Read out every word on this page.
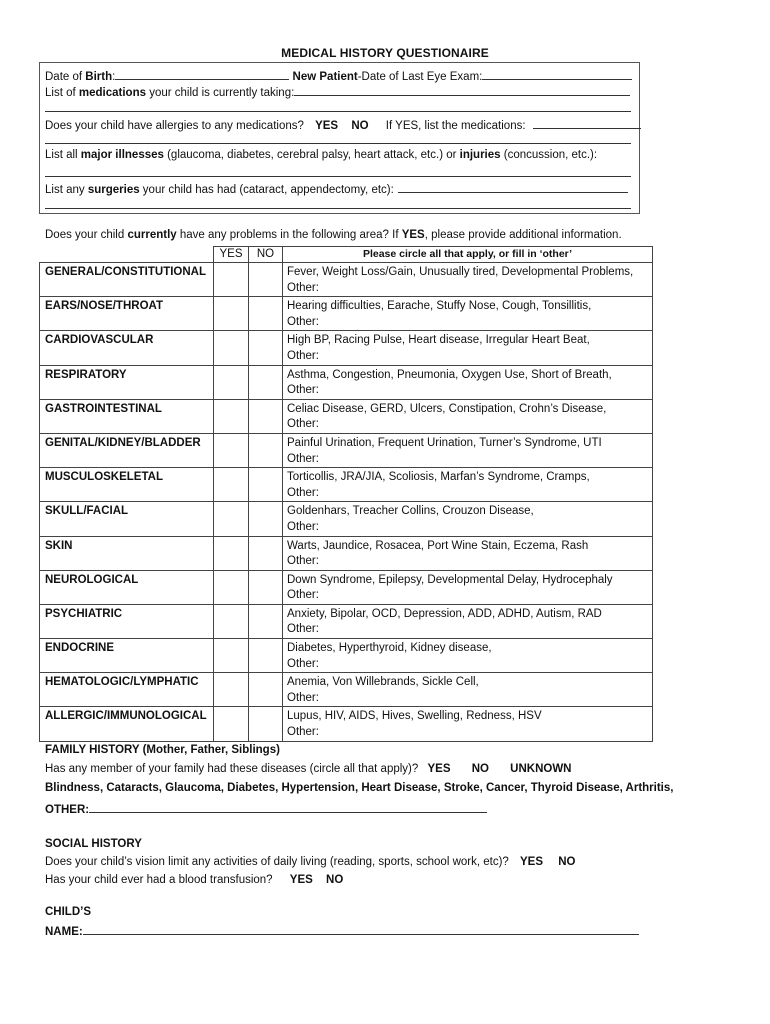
MEDICAL HISTORY QUESTIONAIRE
Date of Birth:	New Patient-Date of Last Eye Exam:
List of medications your child is currently taking:
Does your child have allergies to any medications? YES NO If YES, list the medications:
List all major illnesses (glaucoma, diabetes, cerebral palsy, heart attack, etc.) or injuries (concussion, etc.):
List any surgeries your child has had (cataract, appendectomy, etc):
Does your child currently have any problems in the following area? If YES, please provide additional information.
	YES	NO	Please circle all that apply, or fill in ‘other’
GENERAL/CONSTITUTIONAL			Fever, Weight Loss/Gain, Unusually tired, Developmental Problems,
Other:

EARS/NOSE/THROAT			Hearing difficulties, Earache, Stuffy Nose, Cough, Tonsillitis,
Other:

CARDIOVASCULAR			High BP, Racing Pulse, Heart disease, Irregular Heart Beat,
Other:

RESPIRATORY			Asthma, Congestion, Pneumonia, Oxygen Use, Short of Breath,
Other:

GASTROINTESTINAL			Celiac Disease, GERD, Ulcers, Constipation, Crohn’s Disease,
Other:

GENITAL/KIDNEY/BLADDER			Painful Urination, Frequent Urination, Turner’s Syndrome, UTI
Other:

MUSCULOSKELETAL			Torticollis, JRA/JIA, Scoliosis, Marfan’s Syndrome, Cramps,
Other:

SKULL/FACIAL			Goldenhars, Treacher Collins, Crouzon Disease,
Other:

SKIN			Warts, Jaundice, Rosacea, Port Wine Stain, Eczema, Rash
Other:

NEUROLOGICAL			Down Syndrome, Epilepsy, Developmental Delay, Hydrocephaly
Other:

PSYCHIATRIC			Anxiety, Bipolar, OCD, Depression, ADD, ADHD, Autism, RAD
Other:

ENDOCRINE			Diabetes, Hyperthyroid, Kidney disease,
Other:

HEMATOLOGIC/LYMPHATIC			Anemia, Von Willebrands, Sickle Cell,
Other:

ALLERGIC/IMMUNOLOGICAL			Lupus, HIV, AIDS, Hives, Swelling, Redness, HSV
Other:
FAMILY HISTORY (Mother, Father, Siblings)
Has any member of your family had these diseases (circle all that apply)? YES NO UNKNOWN
Blindness, Cataracts, Glaucoma, Diabetes, Hypertension, Heart Disease, Stroke, Cancer, Thyroid Disease, Arthritis,
OTHER:
SOCIAL HISTORY
Does your child’s vision limit any activities of daily living (reading, sports, school work, etc)? YES NO
Has your child ever had a blood transfusion? YES NO
CHILD’S
NAME:
